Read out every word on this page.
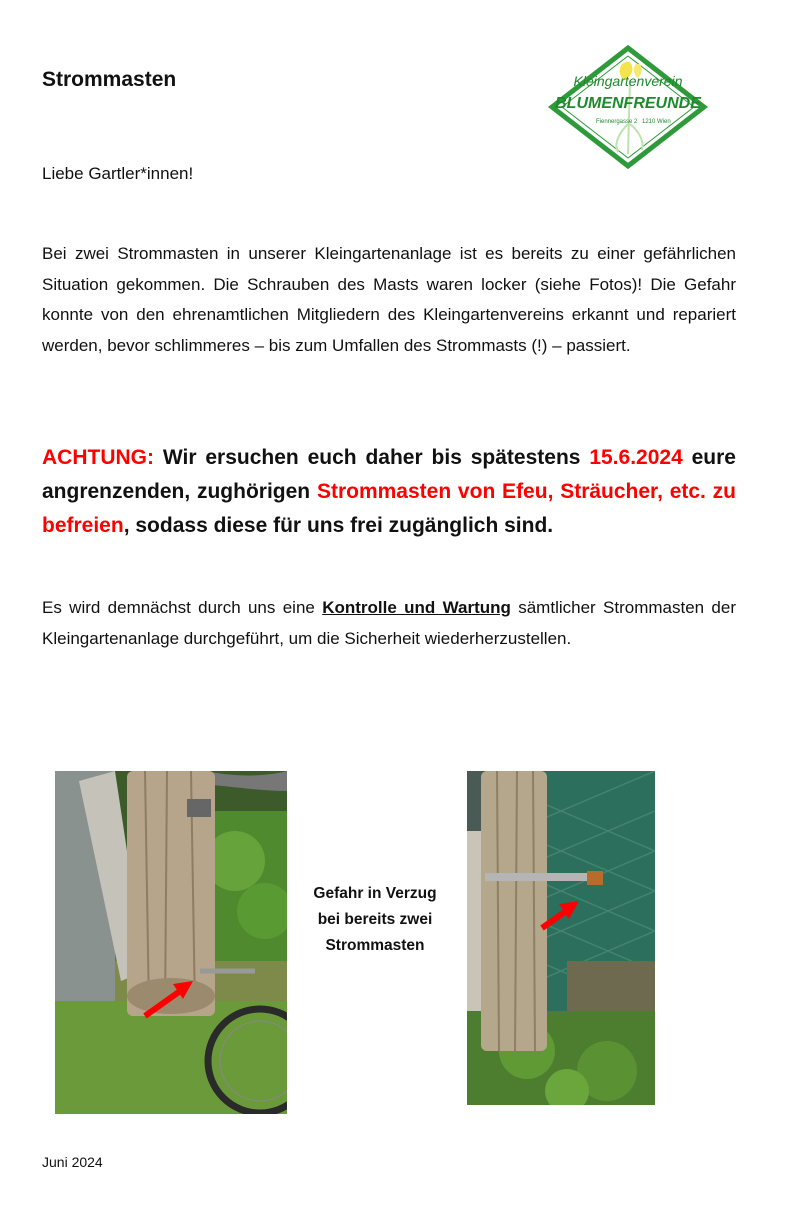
Strommasten	Kleingartenverein
BLUMENFREUNDE
Fiennergasse 2 1210 Wien
Liebe Gartler*innen!
Bei zwei Strommasten in unserer Kleingartenanlage ist es bereits zu einer gefährlichen Situation gekommen. Die Schrauben des Masts waren locker (siehe Fotos)! Die Gefahr konnte von den ehrenamtlichen Mitgliedern des Kleingartenvereins erkannt und repariert werden, bevor schlimmeres – bis zum Umfallen des Strommasts (!) – passiert.
ACHTUNG: Wir ersuchen euch daher bis spätestens 15.6.2024 eure angrenzenden, zughörigen Strommasten von Efeu, Sträucher, etc. zu befreien, sodass diese für uns frei zugänglich sind.
Es wird demnächst durch uns eine Kontrolle und Wartung sämtlicher Strommasten der Kleingartenanlage durchgeführt, um die Sicherheit wiederherzustellen.
Gefahr in Verzug
bei bereits zwei
Strommasten
Juni 2024
